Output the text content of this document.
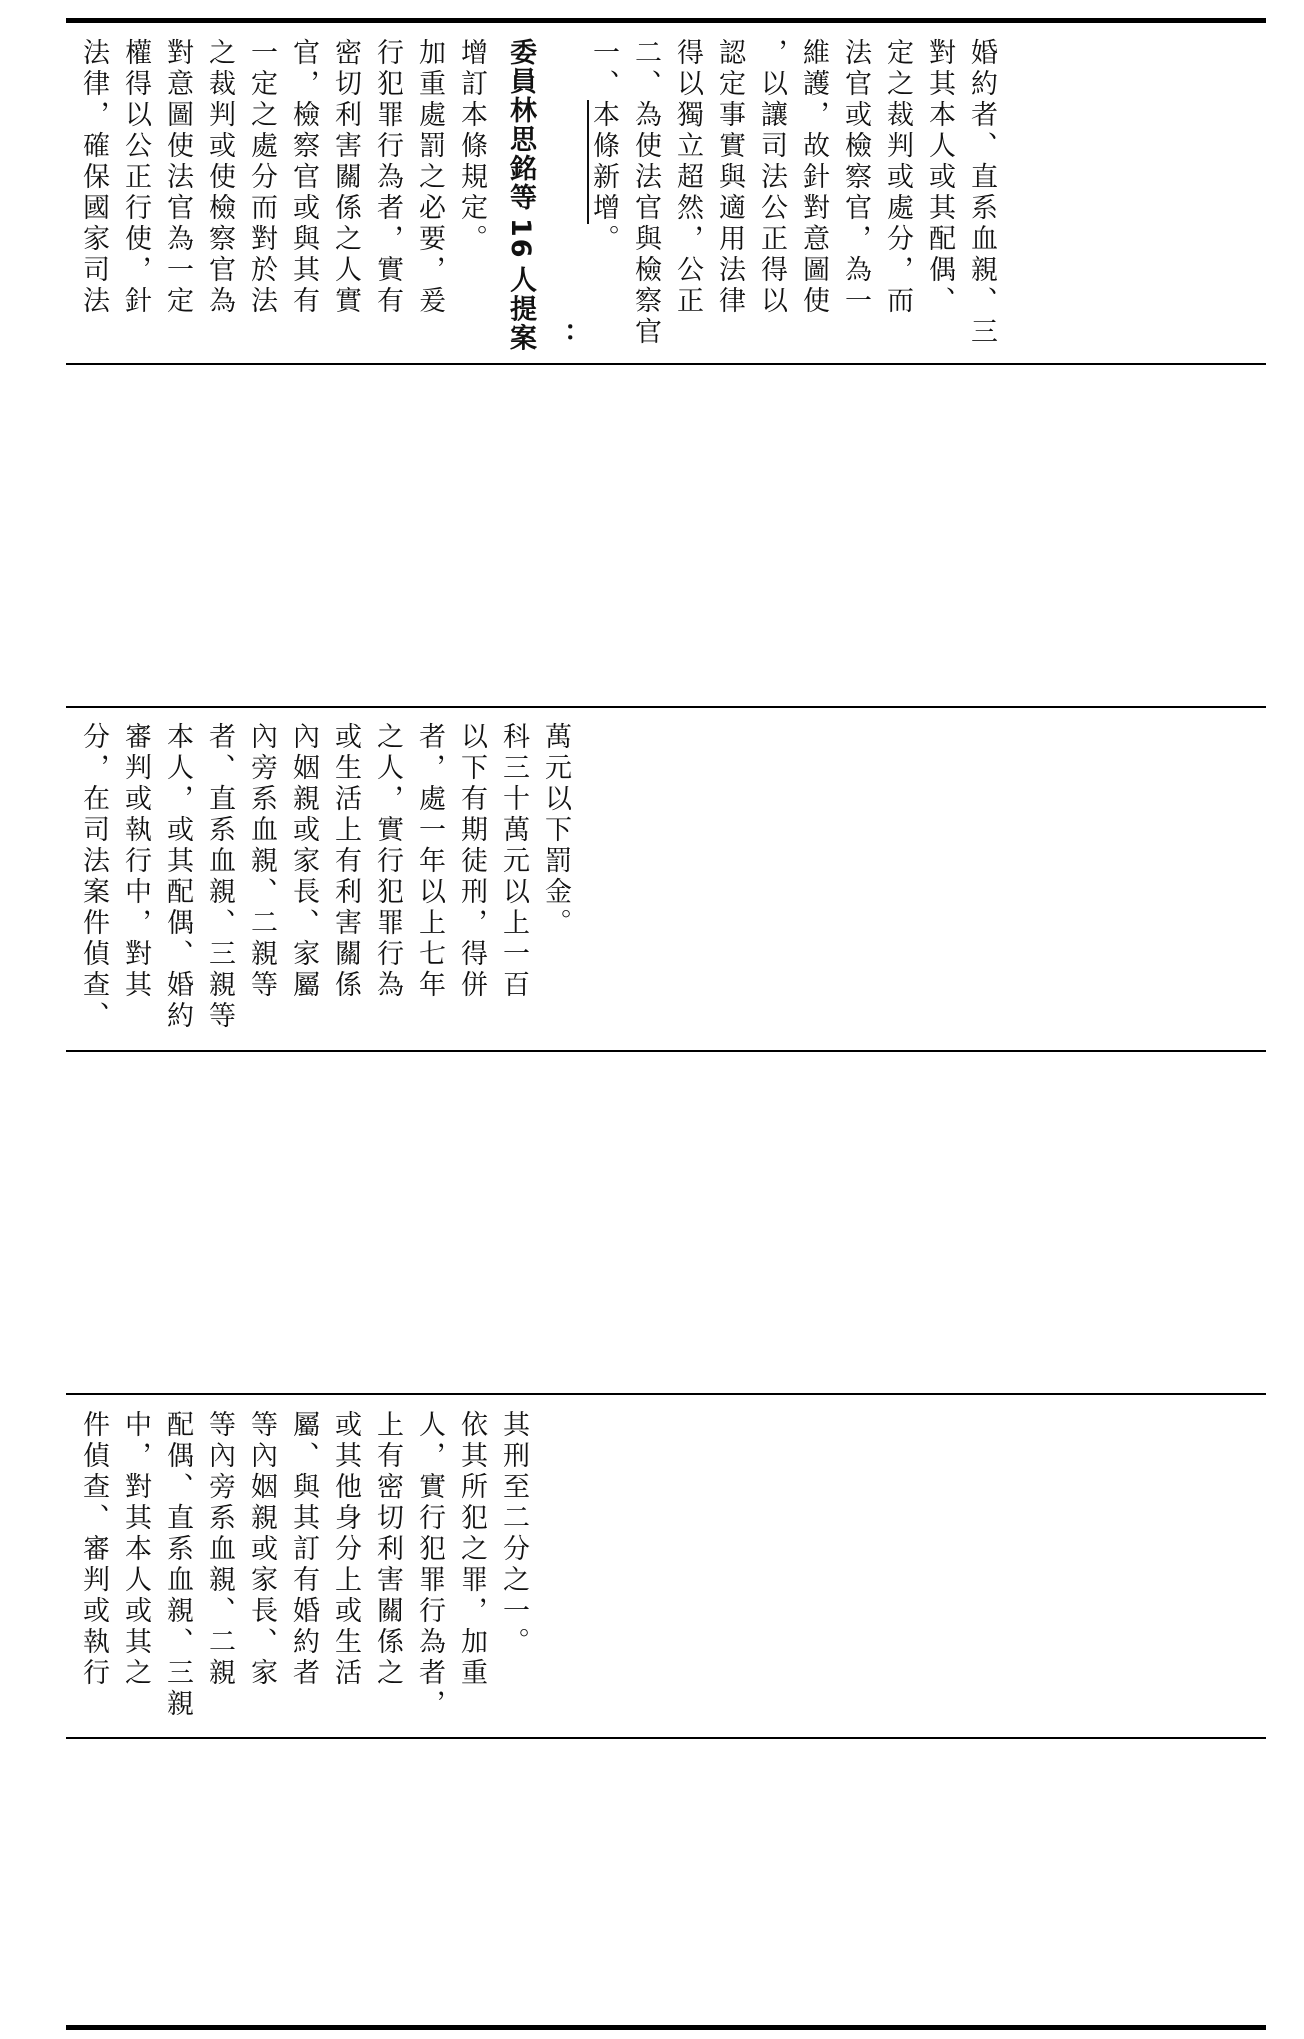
法律，確保國家司法 權得以公正行使，針 對意圖使法官為一定 之裁判或使檢察官為 一定之處分而對於法 官，檢察官或與其有 密切利害關係之人實 行犯罪行為者，實有 加重處罰之必要，爰 增訂本條規定。 委員林思銘等16人提案 ：
一、本條新增。 二、為使法官與檢察官 得以獨立超然，公正 認定事實與適用法律 ，以讓司法公正得以 維護，故針對意圖使 法官或檢察官，為一 定之裁判或處分，而 對其本人或其配偶、 婚約者、直系血親、三
分，在司法案件偵查、 審判或執行中，對其 本人，或其配偶、婚約 者、直系血親、三親等 內旁系血親、二親等 內姻親或家長、家屬 或生活上有利害關係 之人，實行犯罪行為 者，處一年以上七年 以下有期徒刑，得併 科三十萬元以上一百 萬元以下罰金。
件偵查、審判或執行 中，對其本人或其之 配偶、直系血親、三親 等內旁系血親、二親 等內姻親或家長、家 屬、與其訂有婚約者 或其他身分上或生活 上有密切利害關係之 人，實行犯罪行為者， 依其所犯之罪，加重 其刑至二分之一。
